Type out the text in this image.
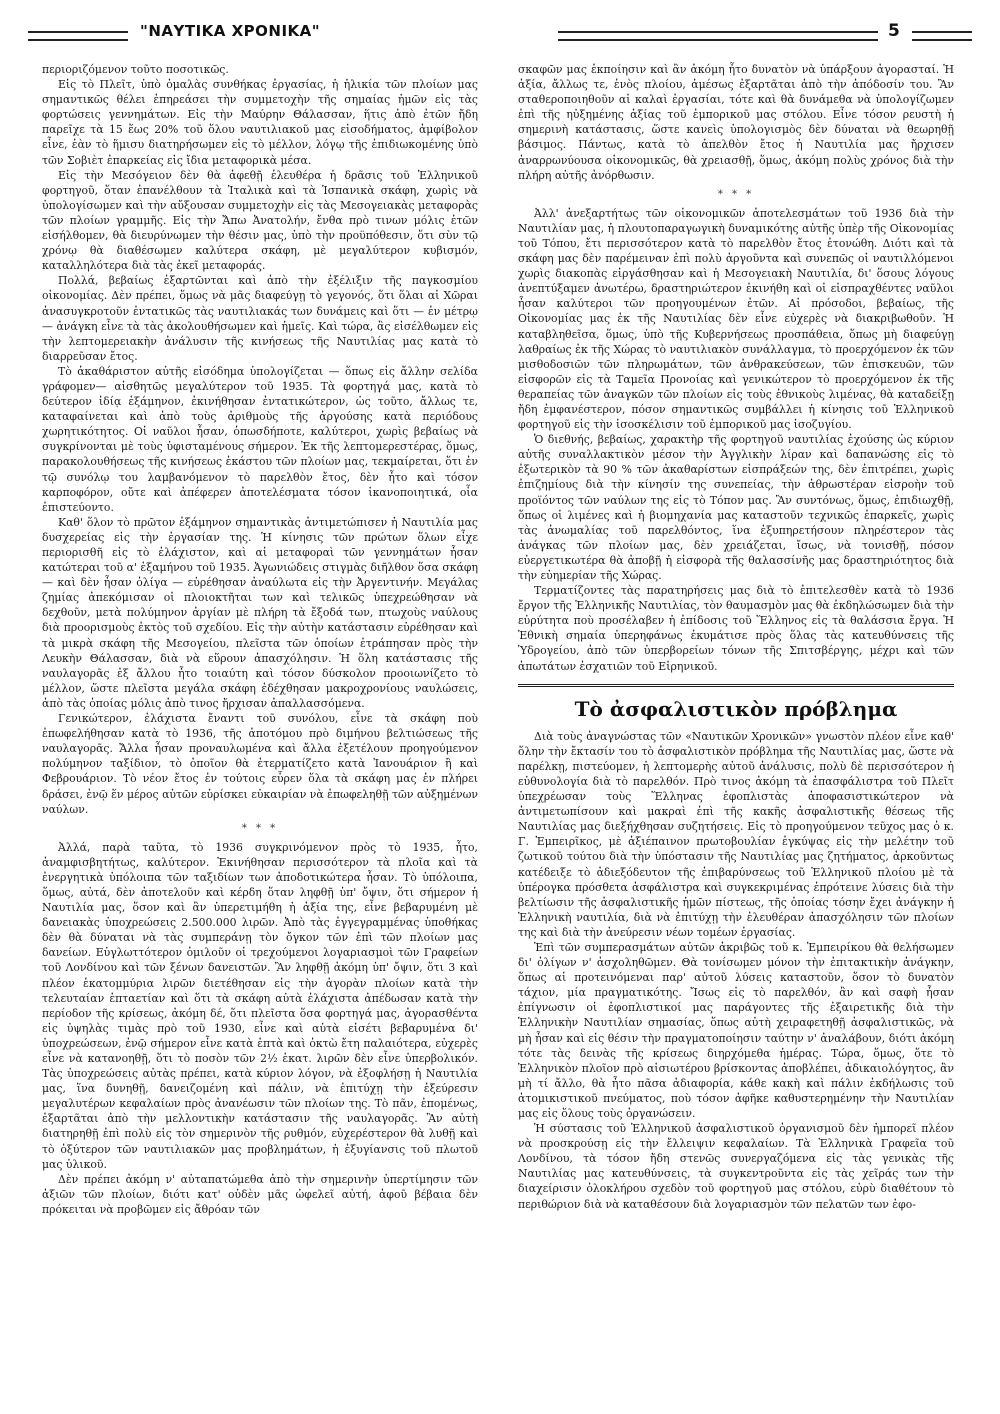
"ΝΑΥΤΙΚΑ ΧΡΟΝΙΚΑ"	5

περιοριζόμενον τοῦτο ποσοτικῶς.

Εἰς τὸ Πλεῖτ, ὑπὸ ὁμαλὰς συνθήκας ἐργασίας, ἡ ἡλικία τῶν πλοίων μας σημαντικῶς θέλει ἐπηρεάσει τὴν συμμετοχὴν τῆς σημαίας ἡμῶν εἰς τὰς φορτώσεις γεννημάτων. Εἰς τὴν Μαύρην Θάλασσαν, ἥτις ἀπὸ ἐτῶν ἤδη παρεῖχε τὰ 15 ἕως 20% τοῦ ὅλου ναυτιλιακοῦ μας εἰσοδήματος, ἀμφίβολον εἶνε, ἐὰν τὸ ἥμισυ διατηρήσωμεν εἰς τὸ μέλλον, λόγῳ τῆς ἐπιδιωκομένης ὑπὸ τῶν Σοβιὲτ ἐπαρκείας εἰς ἴδια μεταφορικὰ μέσα.

Εἰς τὴν Μεσόγειον δὲν θὰ ἀφεθῇ ἐλευθέρα ἡ δρᾶσις τοῦ Ἑλληνικοῦ φορτηγοῦ, ὅταν ἐπανέλθουν τὰ Ἰταλικὰ καὶ τὰ Ἱσπανικὰ σκάφη, χωρὶς νὰ ὑπολογίσωμεν καὶ τὴν αὔξουσαν συμμετοχὴν εἰς τὰς Μεσογειακὰς μεταφορὰς τῶν πλοίων γραμμῆς. Εἰς τὴν Ἄπω Ἀνατολήν, ἔνθα πρὸ τινων μόλις ἐτῶν εἰσήλθομεν, θὰ διευρύνωμεν τὴν θέσιν μας, ὑπὸ τὴν προϋπόθεσιν, ὅτι σὺν τῷ χρόνῳ θὰ διαθέσωμεν καλύτερα σκάφη, μὲ μεγαλύτερον κυβισμόν, καταλληλότερα διὰ τὰς ἐκεῖ μεταφοράς.

Πολλά, βεβαίως ἐξαρτῶνται καὶ ἀπὸ τὴν ἐξέλιξιν τῆς παγκοσμίου οἰκονομίας. Δὲν πρέπει, ὅμως νὰ μᾶς διαφεύγῃ τὸ γεγονός, ὅτι ὅλαι αἱ Χῶραι ἀνασυγκροτοῦν ἐντατικῶς τὰς ναυτιλιακάς των δυνάμεις καὶ ὅτι — ἐν μέτρῳ — ἀνάγκη εἶνε τὰ τὰς ἀκολουθήσωμεν καὶ ἡμεῖς. Καὶ τώρα, ἂς εἰσέλθωμεν εἰς τὴν λεπτομερειακὴν ἀνάλυσιν τῆς κινήσεως τῆς Ναυτιλίας μας κατὰ τὸ διαρρεῦσαν ἔτος.

Τὸ ἀκαθάριστον αὐτῆς εἰσόδημα ὑπολογίζεται — ὅπως εἰς ἄλλην σελίδα γράφομεν— αἰσθητῶς μεγαλύτερον τοῦ 1935. Τὰ φορτηγά μας, κατὰ τὸ δεύτερον ἰδίᾳ ἑξάμηνον, ἐκινήθησαν ἐντατικώτερον, ὡς τοῦτο, ἄλλως τε, καταφαίνεται καὶ ἀπὸ τοὺς ἀριθμοὺς τῆς ἀργούσης κατὰ περιόδους χωρητικότητος. Οἱ ναῦλοι ἦσαν, ὁπωσδήποτε, καλύτεροι, χωρὶς βεβαίως νὰ συγκρίνονται μὲ τοὺς ὑφισταμένους σήμερον. Ἐκ τῆς λεπτομερεστέρας, ὅμως, παρακολουθήσεως τῆς κινήσεως ἑκάστου τῶν πλοίων μας, τεκμαίρεται, ὅτι ἐν τῷ συνόλῳ του λαμβανόμενον τὸ παρελθὸν ἔτος, δὲν ἦτο καὶ τόσον καρποφόρον, οὔτε καὶ ἀπέφερεν ἀποτελέσματα τόσον ἱκανοποιητικά, οἷα ἐπιστεύοντο.

Καθ' ὅλον τὸ πρῶτον ἑξάμηνον σημαντικὰς ἀντιμετώπισεν ἡ Ναυτιλία μας δυσχερείας εἰς τὴν ἐργασίαν της. Ἡ κίνησις τῶν πρώτων ὅλων εἶχε περιορισθῆ εἰς τὸ ἐλάχιστον, καὶ αἱ μεταφοραὶ τῶν γεννημάτων ἦσαν κατώτεραι τοῦ α' ἑξαμήνου τοῦ 1935. Ἀγωνιώδεις στιγμὰς διῆλθον ὅσα σκάφη — καὶ δὲν ἦσαν ὀλίγα — εὑρέθησαν ἀναύλωτα εἰς τὴν Ἀργεντινήν. Μεγάλας ζημίας ἀπεκόμισαν οἱ πλοιοκτῆται των καὶ τελικῶς ὑπεχρεώθησαν νὰ δεχθοῦν, μετὰ πολύμηνον ἀργίαν μὲ πλήρη τὰ ἔξοδά των, πτωχοὺς ναύλους διὰ προορισμοὺς ἐκτὸς τοῦ σχεδίου. Εἰς τὴν αὐτὴν κατάστασιν εὑρέθησαν καὶ τὰ μικρὰ σκάφη τῆς Μεσογείου, πλεῖστα τῶν ὁποίων ἐτράπησαν πρὸς τὴν Λευκὴν Θάλασσαν, διὰ νὰ εὕρουν ἀπασχόλησιν. Ἡ ὅλη κατάστασις τῆς ναυλαγορᾶς ἐξ ἄλλου ἦτο τοιαύτη καὶ τόσον δύσκολον προοιωνίζετο τὸ μέλλον, ὥστε πλεῖστα μεγάλα σκάφη ἐδέχθησαν μακροχρονίους ναυλώσεις, ἀπὸ τὰς ὁποίας μόλις ἀπὸ τινος ἤρχισαν ἀπαλλασσόμενα.

Γενικώτερον, ἐλάχιστα ἔναντι τοῦ συνόλου, εἶνε τὰ σκάφη ποὺ ἐπωφελήθησαν κατὰ τὸ 1936, τῆς ἀποτόμου πρὸ διμήνου βελτιώσεως τῆς ναυλαγορᾶς. Ἄλλα ἦσαν προναυλωμένα καὶ ἄλλα ἐξετέλουν προηγούμενον πολύμηνον ταξίδιον, τὸ ὁποῖον θὰ ἐτερματίζετο κατὰ Ἰανουάριον ἢ καὶ Φεβρουάριον. Τὸ νέον ἔτος ἐν τούτοις εὗρεν ὅλα τὰ σκάφη μας ἐν πλήρει δράσει, ἐνῷ ἕν μέρος αὐτῶν εὑρίσκει εὐκαιρίαν νὰ ἐπωφεληθῇ τῶν αὐξημένων ναύλων.

* * *

Ἀλλά, παρὰ ταῦτα, τὸ 1936 συγκρινόμενον πρὸς τὸ 1935, ἦτο, ἀναμφισβητήτως, καλύτερον. Ἐκινήθησαν περισσότερον τὰ πλοῖα καὶ τὰ ἐνεργητικὰ ὑπόλοιπα τῶν ταξιδίων των ἀποδοτικώτερα ἦσαν. Τὸ ὑπόλοιπα, ὅμως, αὐτά, δὲν ἀποτελοῦν καὶ κέρδη ὅταν ληφθῇ ὑπ' ὄψιν, ὅτι σήμερον ἡ Ναυτιλία μας, ὅσον καὶ ἂν ὑπερετιμήθη ἡ ἀξία της, εἶνε βεβαρυμένη μὲ δανειακὰς ὑποχρεώσεις 2.500.000 λιρῶν. Ἀπὸ τὰς ἐγγεγραμμένας ὑποθήκας δὲν θὰ δύναται νὰ τὰς συμπεράνῃ τὸν ὄγκον τῶν ἐπὶ τῶν πλοίων μας δανείων. Εὐγλωττότερον ὁμιλοῦν οἱ τρεχούμενοι λογαριασμοὶ τῶν Γραφείων τοῦ Λονδίνου καὶ τῶν ξένων δανειστῶν. Ἂν ληφθῇ ἀκόμη ὑπ' ὄψιν, ὅτι 3 καὶ πλέον ἑκατομμύρια λιρῶν διετέθησαν εἰς τὴν ἀγορὰν πλοίων κατὰ τὴν τελευταίαν ἑπταετίαν καὶ ὅτι τὰ σκάφη αὐτὰ ἐλάχιστα ἀπέδωσαν κατὰ τὴν περίοδον τῆς κρίσεως, ἀκόμη δέ, ὅτι πλεῖστα ὅσα φορτηγά μας, ἀγορασθέντα εἰς ὑψηλὰς τιμὰς πρὸ τοῦ 1930, εἶνε καὶ αὐτὰ εἰσέτι βεβαρυμένα δι' ὑποχρεώσεων, ἐνῷ σήμερον εἶνε κατὰ ἑπτὰ καὶ ὀκτὼ ἔτη παλαιότερα, εὐχερὲς εἶνε νὰ κατανοηθῇ, ὅτι τὸ ποσὸν τῶν 2½ ἑκατ. λιρῶν δὲν εἶνε ὑπερβολικόν. Τὰς ὑποχρεώσεις αὐτὰς πρέπει, κατὰ κύριον λόγον, νὰ ἐξοφλήσῃ ἡ Ναυτιλία μας, ἵνα δυνηθῇ, δανειζομένη καὶ πάλιν, νὰ ἐπιτύχῃ τὴν ἐξεύρεσιν μεγαλυτέρων κεφαλαίων πρὸς ἀνανέωσιν τῶν πλοίων της. Τὸ πᾶν, ἐπομένως, ἐξαρτᾶται ἀπὸ τὴν μελλοντικὴν κατάστασιν τῆς ναυλαγορᾶς. Ἂν αὐτὴ διατηρηθῇ ἐπὶ πολὺ εἰς τὸν σημερινὸν τῆς ρυθμόν, εὐχερέστερον θὰ λυθῇ καὶ τὸ ὀξύτερον τῶν ναυτιλιακῶν μας προβλημάτων, ἡ ἐξυγίανσις τοῦ πλωτοῦ μας ὑλικοῦ.

Δὲν πρέπει ἀκόμη ν' αὐταπατώμεθα ἀπὸ τὴν σημερινὴν ὑπερτίμησιν τῶν ἀξιῶν τῶν πλοίων, διότι κατ' οὐδὲν μᾶς ὠφελεῖ αὐτή, ἀφοῦ βέβαια δὲν πρόκειται νὰ προβῶμεν εἰς ἄθρόαν τῶν

σκαφῶν μας ἐκποίησιν καὶ ἂν ἀκόμη ἦτο δυνατὸν νὰ ὑπάρξουν ἀγορασταί. Ἡ ἀξία, ἄλλως τε, ἑνὸς πλοίου, ἀμέσως ἐξαρτᾶται ἀπὸ τὴν ἀπόδοσίν του. Ἂν σταθεροποιηθοῦν αἱ καλαὶ ἐργασίαι, τότε καὶ θὰ δυνάμεθα νὰ ὑπολογίζωμεν ἐπὶ τῆς ηὐξημένης ἀξίας τοῦ ἐμπορικοῦ μας στόλου. Εἶνε τόσον ρευστὴ ἡ σημερινὴ κατάστασις, ὥστε κανεὶς ὑπολογισμὸς δὲν δύναται νὰ θεωρηθῇ βάσιμος. Πάντως, κατὰ τὸ ἀπελθὸν ἔτος ἡ Ναυτιλία μας ἤρχισεν ἀναρρωνύουσα οἰκονομικῶς, θὰ χρειασθῇ, ὅμως, ἀκόμη πολὺς χρόνος διὰ τὴν πλήρη αὐτῆς ἀνόρθωσιν.

* * *

Ἀλλ' ἀνεξαρτήτως τῶν οἰκονομικῶν ἀποτελεσμάτων τοῦ 1936 διὰ τὴν Ναυτιλίαν μας, ἡ πλουτοπαραγωγικὴ δυναμικότης αὐτῆς ὑπὲρ τῆς Οἰκονομίας τοῦ Τόπου, ἔτι περισσότερον κατὰ τὸ παρελθὸν ἔτος ἐτονώθη. Διότι καὶ τὰ σκάφη μας δὲν παρέμειναν ἐπὶ πολὺ ἀργοῦντα καὶ συνεπῶς οἱ ναυτιλλόμενοι χωρὶς διακοπὰς εἰργάσθησαν καὶ ἡ Μεσογειακὴ Ναυτιλία, δι' ὅσους λόγους ἀνεπτύξαμεν ἀνωτέρω, δραστηριώτερον ἐκινήθη καὶ οἱ εἰσπραχθέντες ναῦλοι ἦσαν καλύτεροι τῶν προηγουμένων ἐτῶν. Αἱ πρόσοδοι, βεβαίως, τῆς Οἰκονομίας μας ἐκ τῆς Ναυτιλίας δὲν εἶνε εὐχερὲς νὰ διακριβωθοῦν. Ἡ καταβληθεῖσα, ὅμως, ὑπὸ τῆς Κυβερνήσεως προσπάθεια, ὅπως μὴ διαφεύγῃ λαθραίως ἐκ τῆς Χώρας τὸ ναυτιλιακὸν συνάλλαγμα, τὸ προερχόμενον ἐκ τῶν μισθοδοσιῶν τῶν πληρωμάτων, τῶν ἀνθρακεύσεων, τῶν ἐπισκευῶν, τῶν εἰσφορῶν εἰς τὰ Ταμεῖα Προνοίας καὶ γενικώτερον τὸ προερχόμενον ἐκ τῆς θεραπείας τῶν ἀναγκῶν τῶν πλοίων εἰς τοὺς ἐθνικοὺς λιμένας, θὰ καταδείξῃ ἤδη ἐμφανέστερον, πόσον σημαντικῶς συμβάλλει ἡ κίνησις τοῦ Ἑλληνικοῦ φορτηγοῦ εἰς τὴν ἰσοσκέλισιν τοῦ ἐμπορικοῦ μας ἰσοζυγίου.

Ὁ διεθνής, βεβαίως, χαρακτὴρ τῆς φορτηγοῦ ναυτιλίας ἐχούσης ὡς κύριον αὐτῆς συναλλακτικὸν μέσον τὴν Ἀγγλικὴν λίραν καὶ δαπανώσης εἰς τὸ ἐξωτερικὸν τὰ 90 % τῶν ἀκαθαρίστων εἰσπράξεών της, δὲν ἐπιτρέπει, χωρὶς ἐπιζημίους διὰ τὴν κίνησίν της συνεπείας, τὴν ἀθρωστέραν εἰσροὴν τοῦ προϊόντος τῶν ναύλων της εἰς τὸ Τόπον μας. Ἂν συντόνως, ὅμως, ἐπιδιωχθῇ, ὅπως οἱ λιμένες καὶ ἡ βιομηχανία μας καταστοῦν τεχνικῶς ἐπαρκεῖς, χωρὶς τὰς ἀνωμαλίας τοῦ παρελθόντος, ἵνα ἐξυπηρετήσουν πληρέστερον τὰς ἀνάγκας τῶν πλοίων μας, δὲν χρειάζεται, ἴσως, νὰ τονισθῇ, πόσον εὐεργετικωτέρα θὰ ἀποβῇ ἡ εἰσφορὰ τῆς θαλασσίνῆς μας δραστηριότητος διὰ τὴν εὐημερίαν τῆς Χώρας.

Τερματίζοντες τὰς παρατηρήσεις μας διὰ τὸ ἐπιτελεσθὲν κατὰ τὸ 1936 ἔργον τῆς Ἑλληνικῆς Ναυτιλίας, τὸν θαυμασμὸν μας θὰ ἐκδηλώσωμεν διὰ τὴν εὐρύτητα ποὺ προσέλαβεν ἡ ἐπίδοσις τοῦ Ἕλληνος εἰς τὰ θαλάσσια ἔργα. Ἡ Ἐθνικὴ σημαία ὑπερηφάνως ἐκυμάτισε πρὸς ὅλας τὰς κατευθύνσεις τῆς Ὑδρογείου, ἀπὸ τῶν ὑπερβορείων τόνων τῆς Σπιτσβέργης, μέχρι καὶ τῶν ἀπωτάτων ἐσχατιῶν τοῦ Εἰρηνικοῦ.

Τὸ ἀσφαλιστικὸν πρόβλημα

Διὰ τοὺς ἀναγνώστας τῶν «Ναυτικῶν Χρονικῶν» γνωστὸν πλέον εἶνε καθ' ὅλην τὴν ἔκτασίν του τὸ ἀσφαλιστικὸν πρόβλημα τῆς Ναυτιλίας μας, ὥστε νὰ παρέλκῃ, πιστεύομεν, ἡ λεπτομερὴς αὐτοῦ ἀνάλυσις, πολὺ δὲ περισσότερον ἡ εὐθυνολογία διὰ τὸ παρελθόν. Πρὸ τινος ἀκόμη τὰ ἐπασφάλιστρα τοῦ Πλεῖτ ὑπεχρέωσαν τοὺς Ἕλληνας ἐφοπλιστὰς ἀποφασιστικώτερον νὰ ἀντιμετωπίσουν καὶ μακραὶ ἐπὶ τῆς κακῆς ἀσφαλιστικῆς θέσεως τῆς Ναυτιλίας μας διεξήχθησαν συζητήσεις. Εἰς τὸ προηγούμενον τεῦχος μας ὁ κ. Γ. Ἐμπειρῖκος, μὲ ἀξιέπαινον πρωτοβουλίαν ἐγκύψας εἰς τὴν μελέτην τοῦ ζωτικοῦ τούτου διὰ τὴν ὑπόστασιν τῆς Ναυτιλίας μας ζητήματος, ἀρκοῦντως κατέδειξε τὸ ἀδιεξόδευτον τῆς ἐπιβαρύνσεως τοῦ Ἑλληνικοῦ πλοίου μὲ τὰ ὑπέρογκα πρόσθετα ἀσφάλιστρα καὶ συγκεκριμένας ἐπρότεινε λύσεις διὰ τὴν βελτίωσιν τῆς ἀσφαλιστικῆς ἡμῶν πίστεως, τῆς ὁποίας τόσην ἔχει ἀνάγκην ἡ Ἑλληνικὴ ναυτιλία, διὰ νὰ ἐπιτύχῃ τὴν ἐλευθέραν ἀπασχόλησιν τῶν πλοίων της καὶ διὰ τὴν ἀνεύρεσιν νέων τομέων ἐργασίας.

Ἐπὶ τῶν συμπερασμάτων αὐτῶν ἀκριβῶς τοῦ κ. Ἐμπειρίκου θὰ θελήσωμεν δι' ὀλίγων ν' ἀσχοληθῶμεν. Θὰ τονίσωμεν μόνον τὴν ἐπιτακτικὴν ἀνάγκην, ὅπως αἱ προτεινόμεναι παρ' αὐτοῦ λύσεις καταστοῦν, ὅσον τὸ δυνατὸν τάχιον, μία πραγματικότης. Ἴσως εἰς τὸ παρελθόν, ἂν καὶ σαφὴ ἦσαν ἐπίγνωσιν οἱ ἐφοπλιστικοί μας παράγοντες τῆς ἐξαιρετικῆς διὰ τὴν Ἑλληνικὴν Ναυτιλίαν σημασίας, ὅπως αὐτὴ χειραφετηθῇ ἀσφαλιστικῶς, νὰ μὴ ἦσαν καὶ εἰς θέσιν τὴν πραγματοποίησιν ταύτην ν' ἀναλάβουν, διότι ἀκόμη τότε τὰς δεινὰς τῆς κρίσεως διηρχόμεθα ἡμέρας. Τώρα, ὅμως, ὅτε τὸ Ἑλληνικὸν πλοῖον πρὸ αἰσιωτέρου βρίσκοντας ἀποβλέπει, ἀδικαιολόγητος, ἂν μὴ τί ἄλλο, θὰ ἦτο πᾶσα ἀδιαφορία, κάθε κακὴ καὶ πάλιν ἐκδήλωσις τοῦ ἀτομικιστικοῦ πνεύματος, ποὺ τόσον ἀφῆκε καθυστερημένην τὴν Ναυτιλίαν μας εἰς ὅλους τοὺς ὀργανώσειν.

Ἡ σύστασις τοῦ Ἑλληνικοῦ ἀσφαλιστικοῦ ὀργανισμοῦ δὲν ἠμπορεῖ πλέον νὰ προσκρούσῃ εἰς τὴν ἔλλειψιν κεφαλαίων. Τὰ Ἑλληνικὰ Γραφεῖα τοῦ Λονδίνου, τὰ τόσον ἤδη στενῶς συνεργαζόμενα εἰς τὰς γενικὰς τῆς Ναυτιλίας μας κατευθύνσεις, τὰ συγκεντροῦντα εἰς τὰς χεῖράς των τὴν διαχείρισιν ὁλοκλήρου σχεδὸν τοῦ φορτηγοῦ μας στόλου, εὐρὺ διαθέτουν τὸ περιθώριον διὰ νὰ καταθέσουν διὰ λογαριασμὸν τῶν πελατῶν των ἐφο-
